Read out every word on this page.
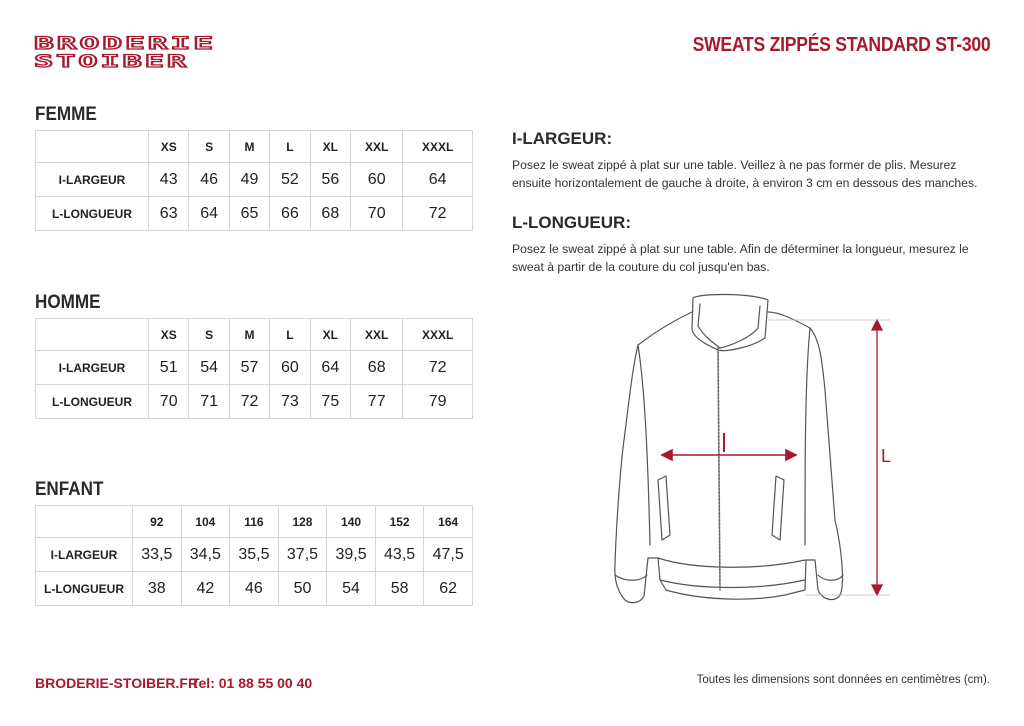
BRODERIE
STOIBER
SWEATS ZIPPÉS STANDARD ST-300
FEMME
	XS	S	M	L	XL	XXL	XXXL
I-LARGEUR	43	46	49	52	56	60	64
L-LONGUEUR	63	64	65	66	68	70	72
HOMME
	XS	S	M	L	XL	XXL	XXXL
I-LARGEUR	51	54	57	60	64	68	72
L-LONGUEUR	70	71	72	73	75	77	79
ENFANT
	92	104	116	128	140	152	164
I-LARGEUR	33,5	34,5	35,5	37,5	39,5	43,5	47,5
L-LONGUEUR	38	42	46	50	54	58	62
I-LARGEUR:
Posez le sweat zippé à plat sur une table. Veillez à ne pas former de plis. Mesurez ensuite horizontalement de gauche à droite, à environ 3 cm en dessous des manches.
L-LONGUEUR:
Posez le sweat zippé à plat sur une table. Afin de déterminer la longueur, mesurez le sweat à partir de la couture du col jusqu'en bas.
I	L
BRODERIE-STOIBER.FR
Tel: 01 88 55 00 40	Toutes les dimensions sont données en centimètres (cm).
